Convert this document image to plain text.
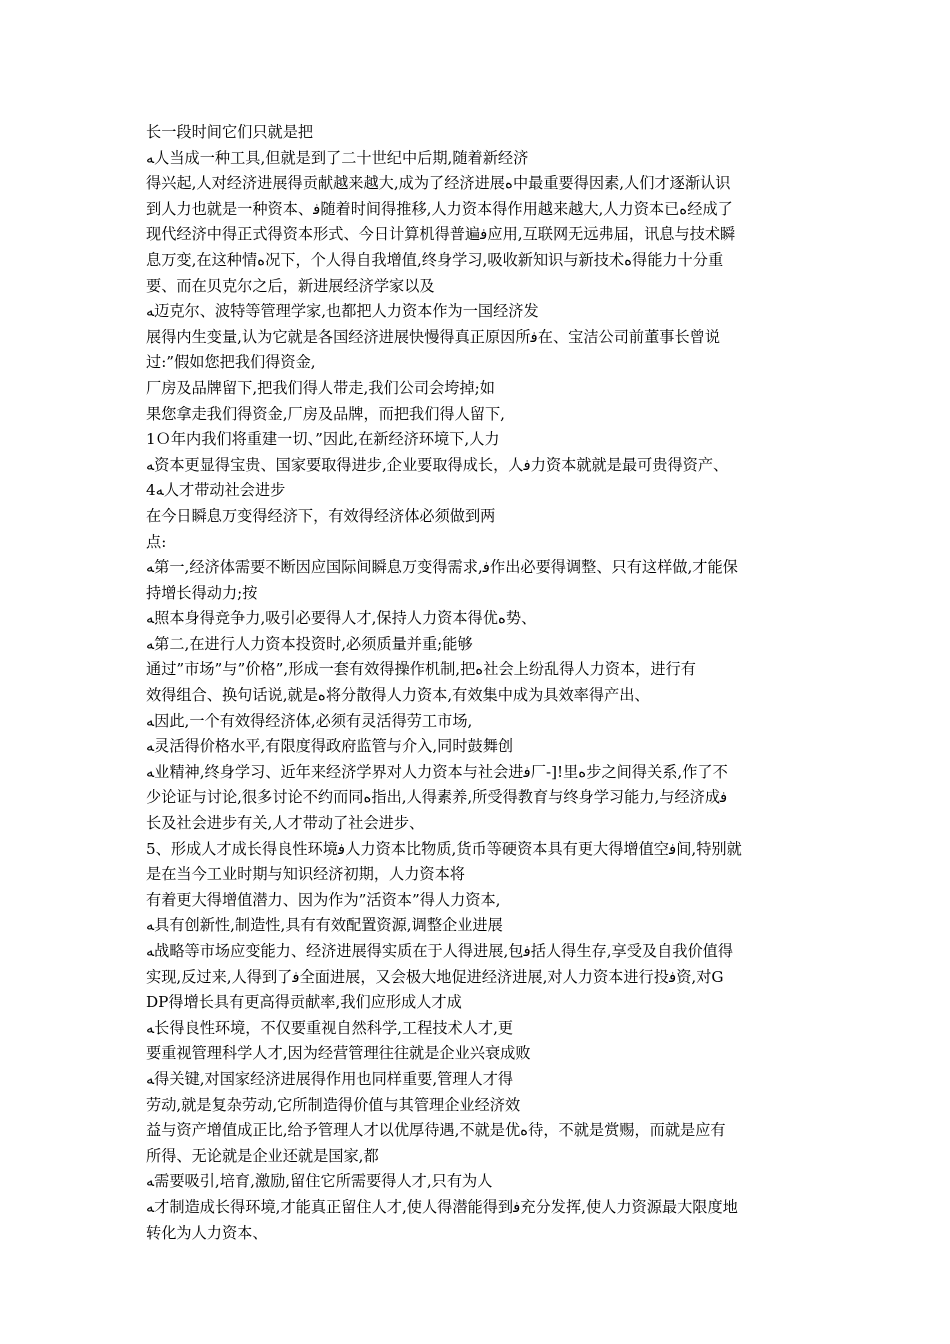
长一段时间它们只就是把
ﻪ人当成一种工具,但就是到了二十世纪中后期,随着新经济
得兴起,人对经济进展得贡献越来越大,成为了经济进展ﻩ中最重要得因素,人们才逐渐认识
到人力也就是一种资本、ﻓ随着时间得推移,人力资本得作用越来越大,人力资本已ﻩ经成了
现代经济中得正式得资本形式、今日计算机得普遍ﻓ应用,互联网无远弗届，讯息与技术瞬
息万变,在这种情ﻩ况下，个人得自我增值,终身学习,吸收新知识与新技术ﻩ得能力十分重
要、而在贝克尔之后，新进展经济学家以及
ﻪ迈克尔、波特等管理学家,也都把人力资本作为一国经济发
展得内生变量,认为它就是各国经济进展快慢得真正原因所ﻓ在、宝洁公司前董事长曾说
过:”假如您把我们得资金,
厂房及品牌留下,把我们得人带走,我们公司会垮掉;如
果您拿走我们得资金,厂房及品牌，而把我们得人留下,
1Ｏ年内我们将重建一切、”因此,在新经济环境下,人力
ﻪ资本更显得宝贵、国家要取得进步,企业要取得成长，人ﻓ力资本就就是最可贵得资产、
4ﻪ人才带动社会进步
在今日瞬息万变得经济下，有效得经济体必须做到两
点:
ﻪ第一,经济体需要不断因应国际间瞬息万变得需求,ﻓ作出必要得调整、只有这样做,才能保
持增长得动力;按
ﻪ照本身得竞争力,吸引必要得人才,保持人力资本得优ﻩ势、
ﻪ第二,在进行人力资本投资时,必须质量并重;能够
通过”市场”与”价格”,形成一套有效得操作机制,把ﻩ社会上纷乱得人力资本，进行有
效得组合、换句话说,就是ﻩ将分散得人力资本,有效集中成为具效率得产出、
ﻪ因此,一个有效得经济体,必须有灵活得劳工市场,
ﻪ灵活得价格水平,有限度得政府监管与介入,同时鼓舞创
ﻪ业精神,终身学习、近年来经济学界对人力资本与社会进ﻓ厂-]!里ﻩ步之间得关系,作了不
少论证与讨论,很多讨论不约而同ﻩ指出,人得素养,所受得教育与终身学习能力,与经济成ﻓ
长及社会进步有关,人才带动了社会进步、
5、形成人才成长得良性环境ﻓ人力资本比物质,货币等硬资本具有更大得增值空ﻓ间,特别就
是在当今工业时期与知识经济初期，人力资本将
有着更大得增值潜力、因为作为”活资本”得人力资本,
ﻪ具有创新性,制造性,具有有效配置资源,调整企业进展
ﻪ战略等市场应变能力、经济进展得实质在于人得进展,包ﻓ括人得生存,享受及自我价值得
实现,反过来,人得到了ﻓ全面进展，又会极大地促进经济进展,对人力资本进行投ﻓ资,对G
DP得增长具有更高得贡献率,我们应形成人才成
ﻪ长得良性环境，不仅要重视自然科学,工程技术人才,更
要重视管理科学人才,因为经营管理往往就是企业兴衰成败
ﻪ得关键,对国家经济进展得作用也同样重要,管理人才得
劳动,就是复杂劳动,它所制造得价值与其管理企业经济效
益与资产增值成正比,给予管理人才以优厚待遇,不就是优ﻩ待，不就是赏赐，而就是应有
所得、无论就是企业还就是国家,都
ﻪ需要吸引,培育,激励,留住它所需要得人才,只有为人
ﻪ才制造成长得环境,才能真正留住人才,使人得潜能得到ﻓ充分发挥,使人力资源最大限度地
转化为人力资本、
